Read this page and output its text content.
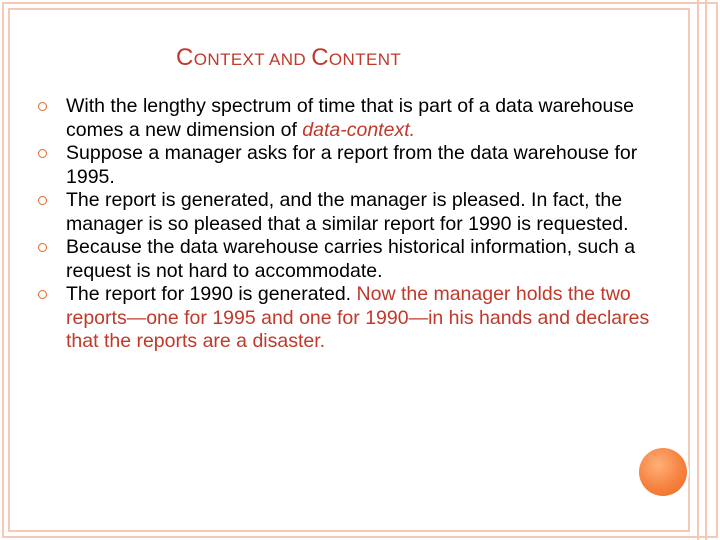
CONTEXT AND CONTENT
With the lengthy spectrum of time that is part of a data warehouse comes a new dimension of data-context.
Suppose a manager asks for a report from the data warehouse for 1995.
The report is generated, and the manager is pleased. In fact, the manager is so pleased that a similar report for 1990 is requested.
Because the data warehouse carries historical information, such a request is not hard to accommodate.
The report for 1990 is generated. Now the manager holds the two reports—one for 1995 and one for 1990—in his hands and declares that the reports are a disaster.
